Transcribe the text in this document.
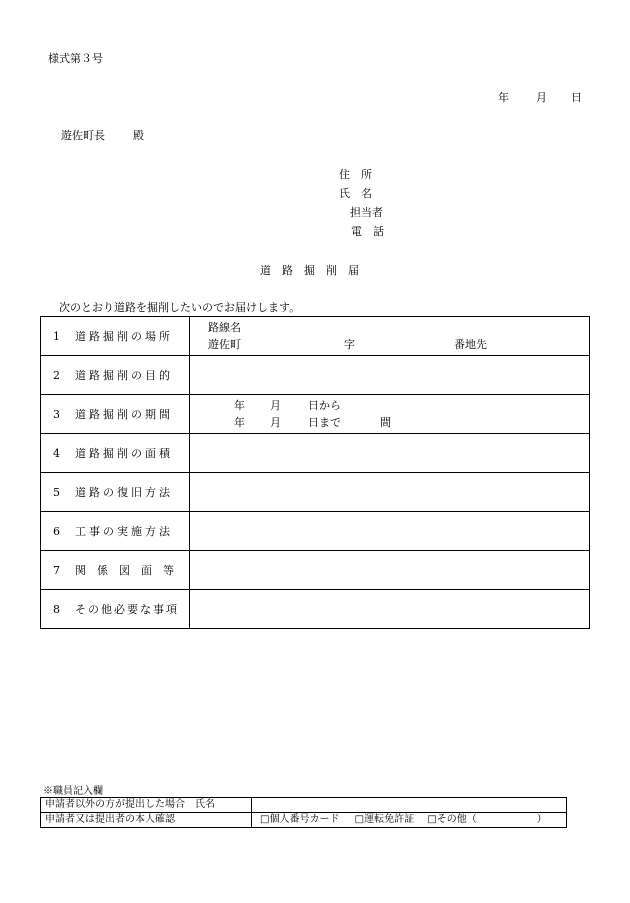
様式第３号
年 月 日
遊佐町長	殿
住　所
氏　名
担当者
電　話
道　路　掘　削　届
次のとおり道路を掘削したいのでお届けします。
1 道路掘削の場所	路線名
遊佐町 字 番地先

2 道路掘削の目的	
3 道路掘削の期間	年 月 日から
年 月 日まで 間

4 道路掘削の面積	
5 道路の復旧方法	
6 工事の実施方法	
7 関　係　図　面　等	
8 その他必要な事項	
※職員記入欄
申請者以外の方が提出した場合　氏名	
申請者又は提出者の本人確認	□個人番号カード □運転免許証 □その他（　　　　　　）
